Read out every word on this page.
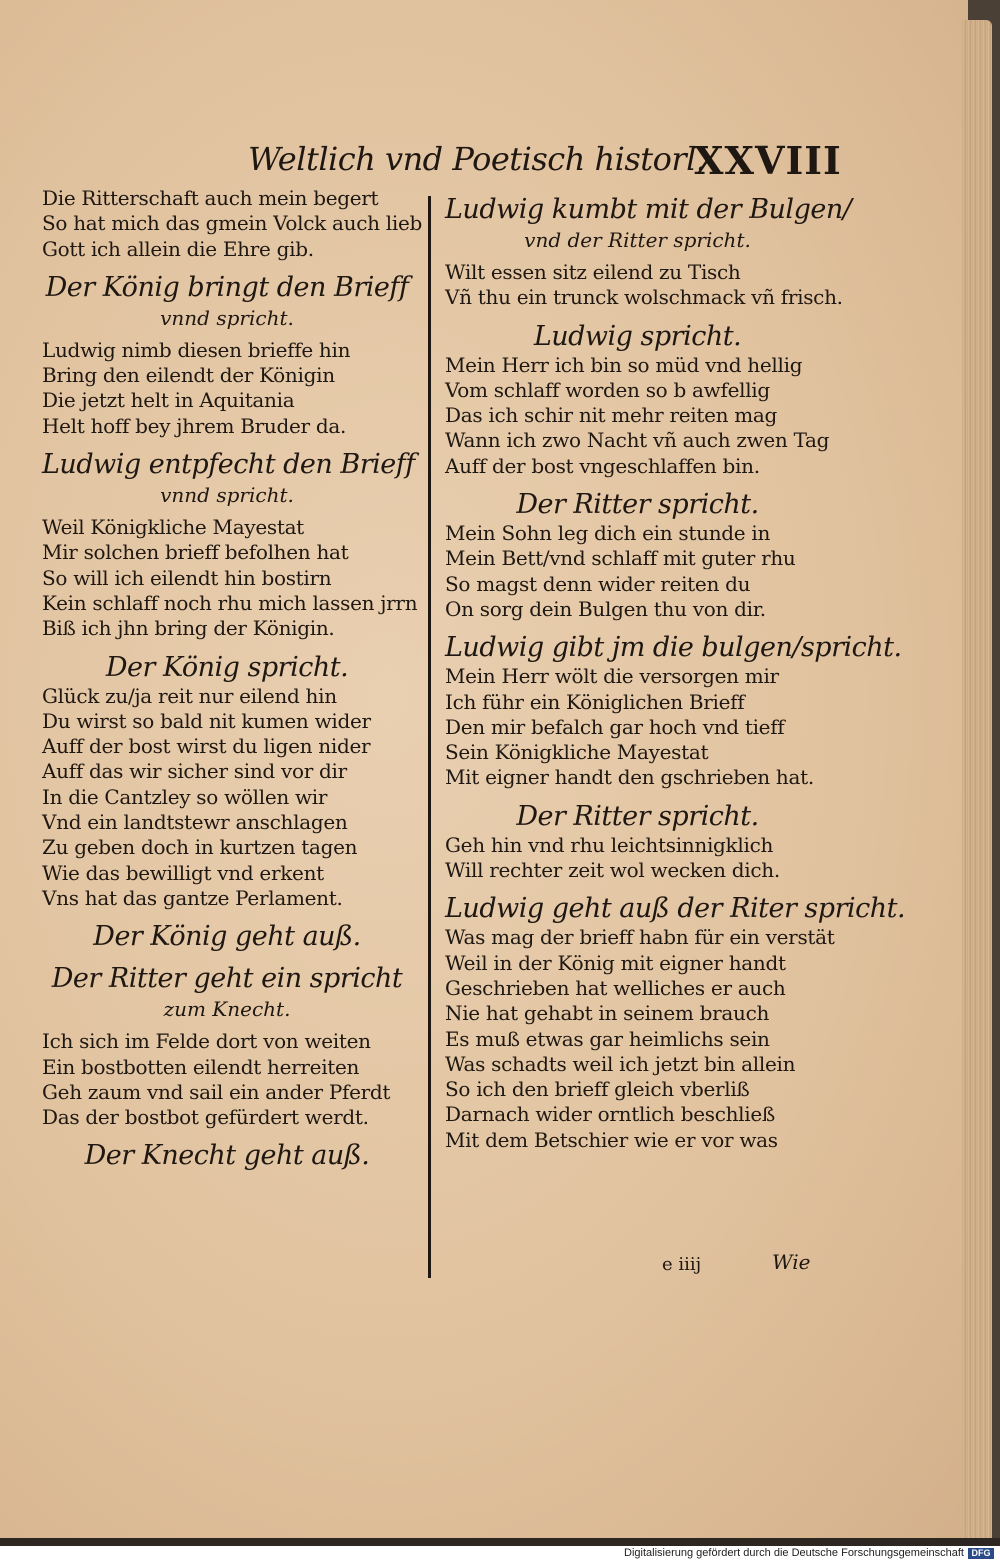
Weltlich vnd Poetisch historl.
XXVIII
Die Ritterschaft auch mein begert
So hat mich das gmein Volck auch lieb
Gott ich allein die Ehre gib.
Der König bringt den Brieff
vnnd spricht.
Ludwig nimb diesen brieffe hin
Bring den eilendt der Königin
Die jetzt helt in Aquitania
Helt hoff bey jhrem Bruder da.
Ludwig entpfecht den Brieff
vnnd spricht.
Weil Königkliche Mayestat
Mir solchen brieff befolhen hat
So will ich eilendt hin bostirn
Kein schlaff noch rhu mich lassen jrrn
Biß ich jhn bring der Königin.
Der König spricht.
Glück zu/ja reit nur eilend hin
Du wirst so bald nit kumen wider
Auff der bost wirst du ligen nider
Auff das wir sicher sind vor dir
In die Cantzley so wöllen wir
Vnd ein landtstewr anschlagen
Zu geben doch in kurtzen tagen
Wie das bewilligt vnd erkent
Vns hat das gantze Perlament.
Der König geht auß.
Der Ritter geht ein spricht
zum Knecht.
Ich sich im Felde dort von weiten
Ein bostbotten eilendt herreiten
Geh zaum vnd sail ein ander Pferdt
Das der bostbot gefürdert werdt.
Der Knecht geht auß.
Ludwig kumbt mit der Bulgen/
vnd der Ritter spricht.
Wilt essen sitz eilend zu Tisch
Vñ thu ein trunck wolschmack vñ frisch.
Ludwig spricht.
Mein Herr ich bin so müd vnd hellig
Vom schlaff worden so b awfellig
Das ich schir nit mehr reiten mag
Wann ich zwo Nacht vñ auch zwen Tag
Auff der bost vngeschlaffen bin.
Der Ritter spricht.
Mein Sohn leg dich ein stunde in
Mein Bett/vnd schlaff mit guter rhu
So magst denn wider reiten du
On sorg dein Bulgen thu von dir.
Ludwig gibt jm die bulgen/spricht.
Mein Herr wölt die versorgen mir
Ich führ ein Königlichen Brieff
Den mir befalch gar hoch vnd tieff
Sein Königkliche Mayestat
Mit eigner handt den gschrieben hat.
Der Ritter spricht.
Geh hin vnd rhu leichtsinnigklich
Will rechter zeit wol wecken dich.
Ludwig geht auß der Riter spricht.
Was mag der brieff habn für ein verstät
Weil in der König mit eigner handt
Geschrieben hat welliches er auch
Nie hat gehabt in seinem brauch
Es muß etwas gar heimlichs sein
Was schadts weil ich jetzt bin allein
So ich den brieff gleich vberliß
Darnach wider orntlich beschließ
Mit dem Betschier wie er vor was
e iiij	Wie
Digitalisierung gefördert durch die Deutsche Forschungsgemeinschaft DFG
